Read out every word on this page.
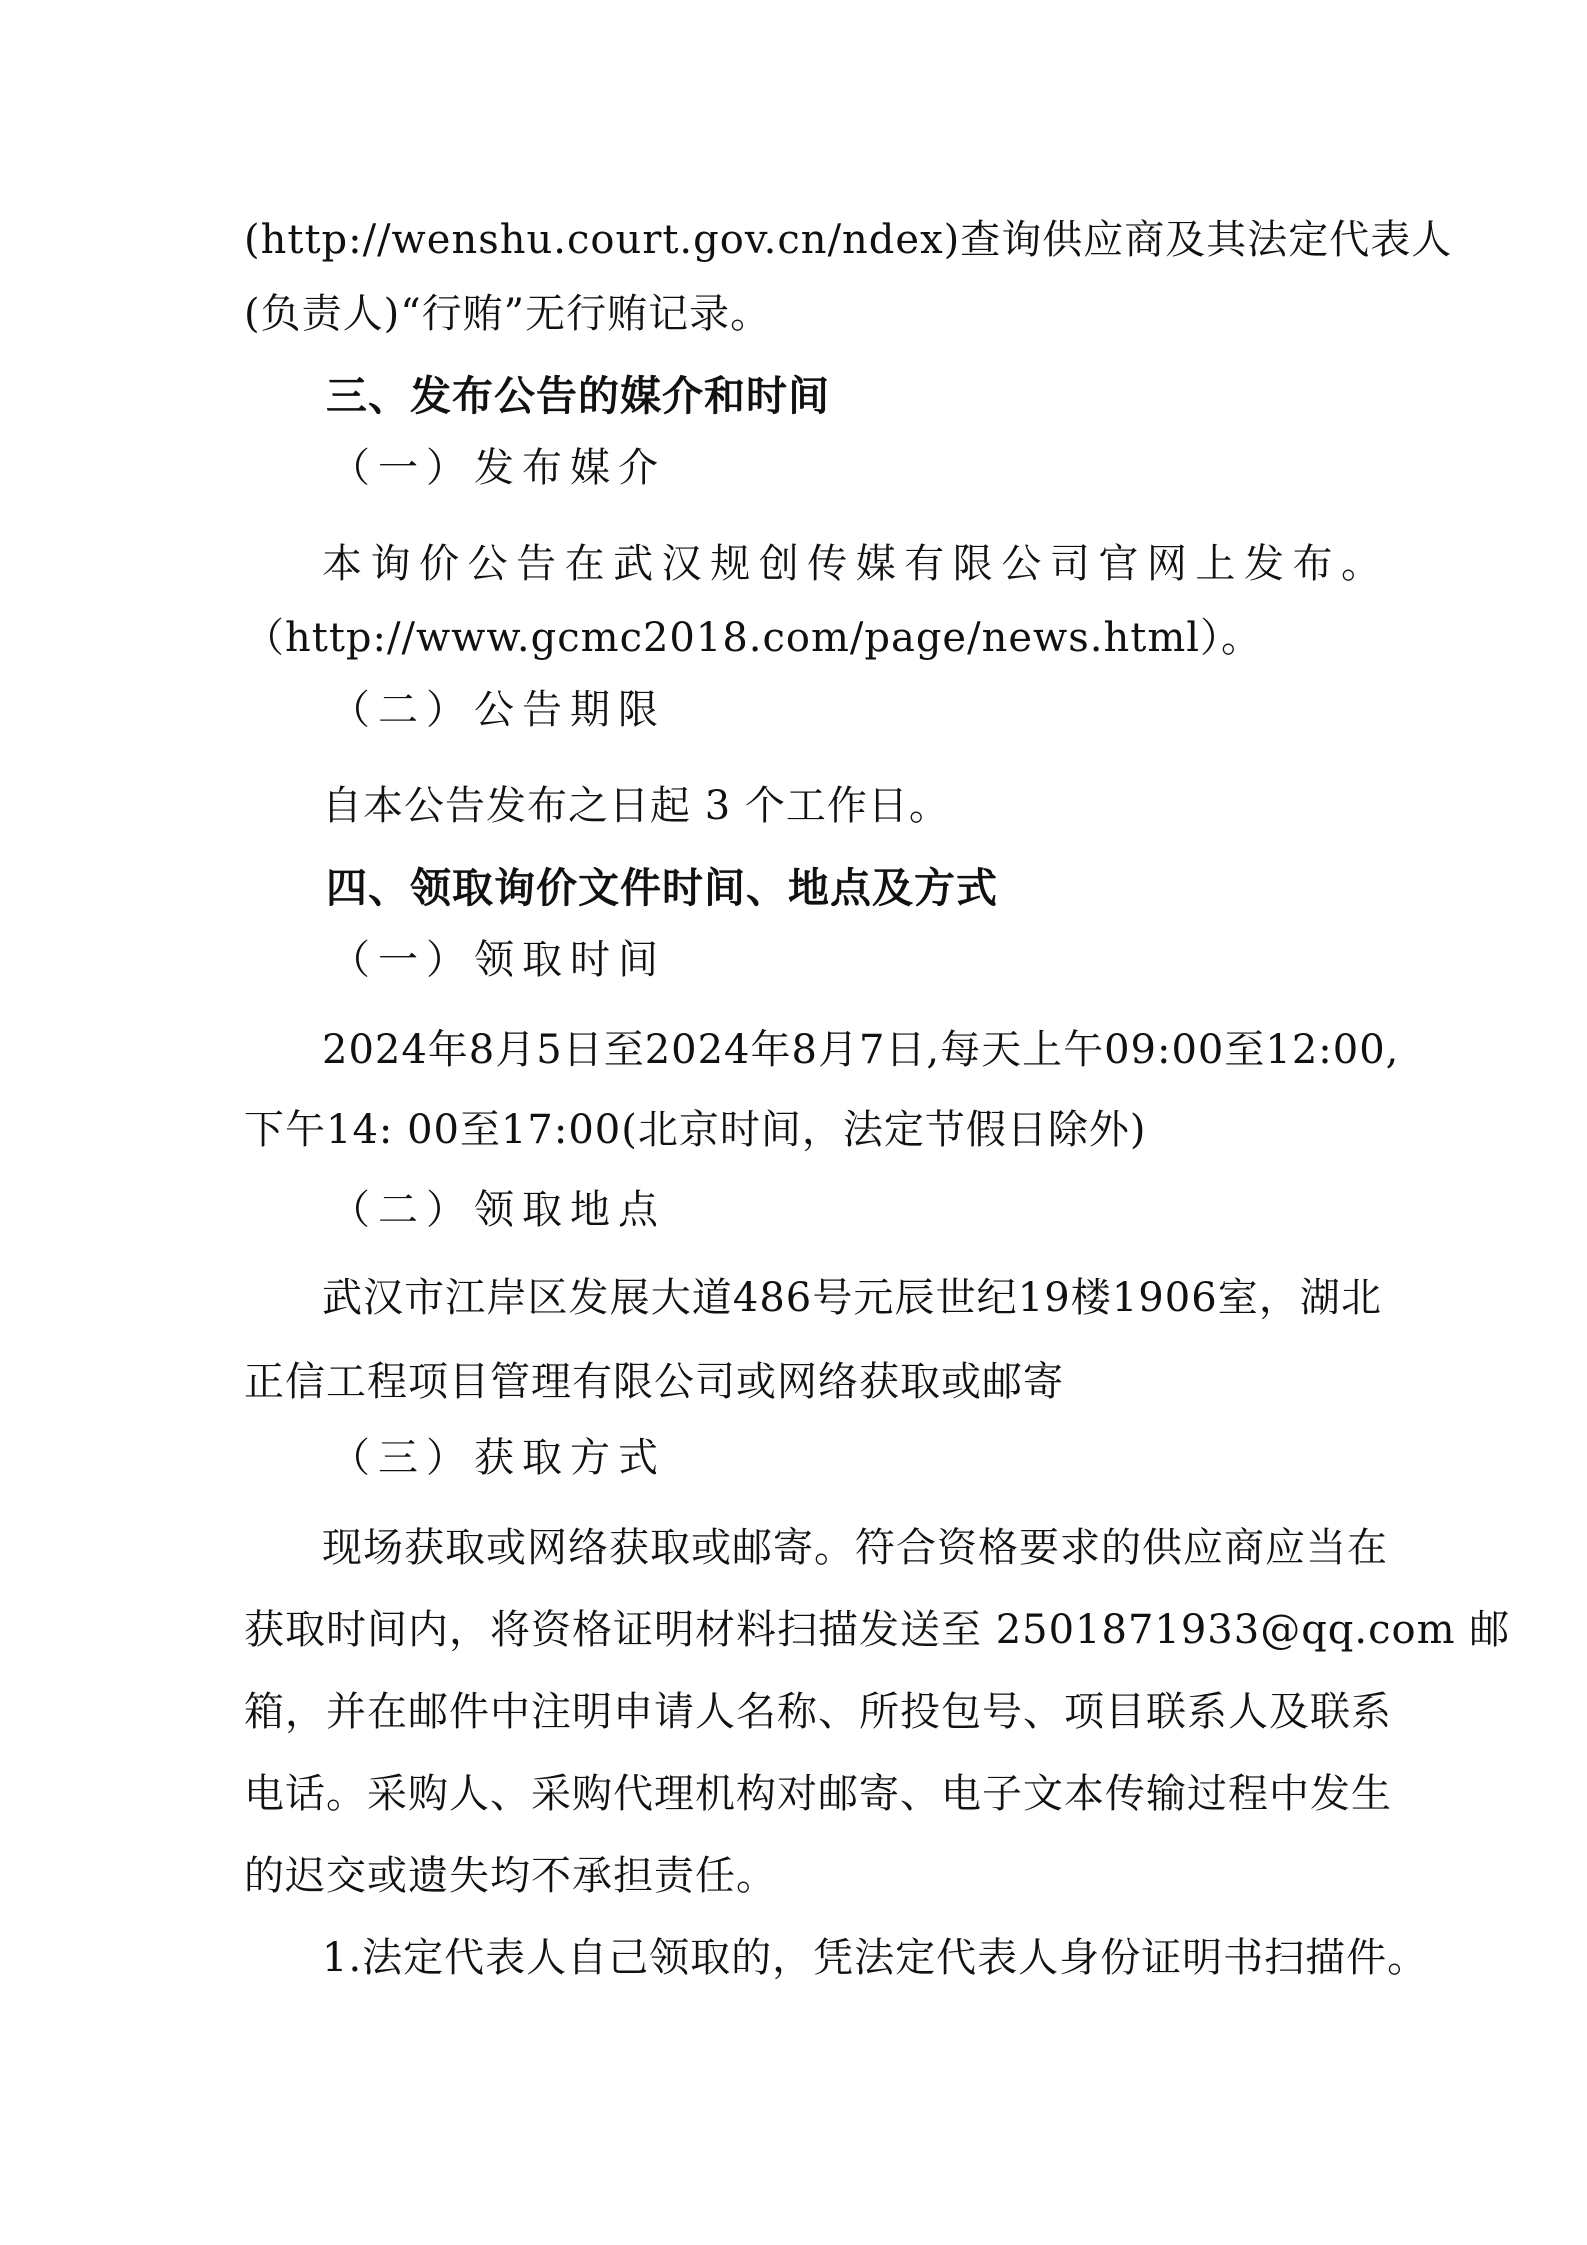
(http://wenshu.court.gov.cn/ndex)查询供应商及其法定代表人
(负责人)“行贿”无行贿记录。
三、发布公告的媒介和时间
（一）发布媒介
本询价公告在武汉规创传媒有限公司官网上发布。
（http://www.gcmc2018.com/page/news.html）。
（二）公告期限
自本公告发布之日起 3 个工作日。
四、领取询价文件时间、地点及方式
（一）领取时间
2024年8月5日至2024年8月7日,每天上午09:00至12:00,
下午14: 00至17:00(北京时间，法定节假日除外)
（二）领取地点
武汉市江岸区发展大道486号元辰世纪19楼1906室，湖北
正信工程项目管理有限公司或网络获取或邮寄
（三）获取方式
现场获取或网络获取或邮寄。符合资格要求的供应商应当在
获取时间内，将资格证明材料扫描发送至 2501871933@qq.com 邮
箱，并在邮件中注明申请人名称、所投包号、项目联系人及联系
电话。采购人、采购代理机构对邮寄、电子文本传输过程中发生
的迟交或遗失均不承担责任。
1.法定代表人自己领取的，凭法定代表人身份证明书扫描件。
